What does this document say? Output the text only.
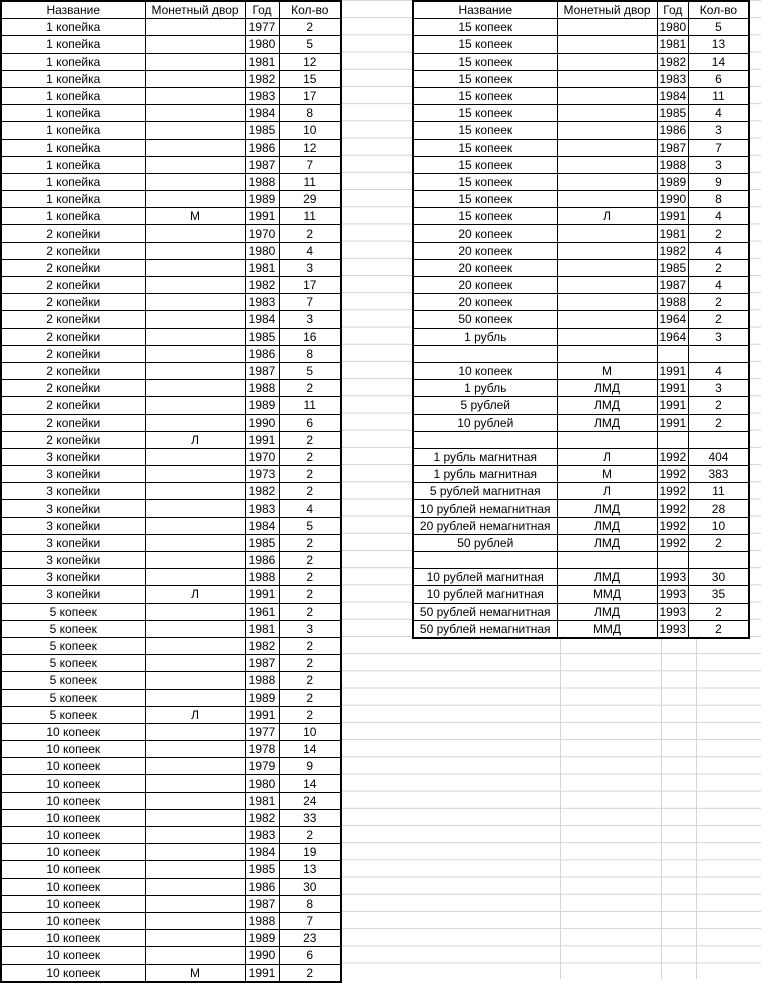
Название	Монетный двор	Год	Кол-во
1 копейка		1977	2
1 копейка		1980	5
1 копейка		1981	12
1 копейка		1982	15
1 копейка		1983	17
1 копейка		1984	8
1 копейка		1985	10
1 копейка		1986	12
1 копейка		1987	7
1 копейка		1988	11
1 копейка		1989	29
1 копейка	М	1991	11
2 копейки		1970	2
2 копейки		1980	4
2 копейки		1981	3
2 копейки		1982	17
2 копейки		1983	7
2 копейки		1984	3
2 копейки		1985	16
2 копейки		1986	8
2 копейки		1987	5
2 копейки		1988	2
2 копейки		1989	11
2 копейки		1990	6
2 копейки	Л	1991	2
3 копейки		1970	2
3 копейки		1973	2
3 копейки		1982	2
3 копейки		1983	4
3 копейки		1984	5
3 копейки		1985	2
3 копейки		1986	2
3 копейки		1988	2
3 копейки	Л	1991	2
5 копеек		1961	2
5 копеек		1981	3
5 копеек		1982	2
5 копеек		1987	2
5 копеек		1988	2
5 копеек		1989	2
5 копеек	Л	1991	2
10 копеек		1977	10
10 копеек		1978	14
10 копеек		1979	9
10 копеек		1980	14
10 копеек		1981	24
10 копеек		1982	33
10 копеек		1983	2
10 копеек		1984	19
10 копеек		1985	13
10 копеек		1986	30
10 копеек		1987	8
10 копеек		1988	7
10 копеек		1989	23
10 копеек		1990	6
10 копеек	М	1991	2
Название	Монетный двор	Год	Кол-во
15 копеек		1980	5
15 копеек		1981	13
15 копеек		1982	14
15 копеек		1983	6
15 копеек		1984	11
15 копеек		1985	4
15 копеек		1986	3
15 копеек		1987	7
15 копеек		1988	3
15 копеек		1989	9
15 копеек		1990	8
15 копеек	Л	1991	4
20 копеек		1981	2
20 копеек		1982	4
20 копеек		1985	2
20 копеек		1987	4
20 копеек		1988	2
50 копеек		1964	2
1 рубль		1964	3

10 копеек	М	1991	4
1 рубль	ЛМД	1991	3
5 рублей	ЛМД	1991	2
10 рублей	ЛМД	1991	2

1 рубль магнитная	Л	1992	404
1 рубль магнитная	М	1992	383
5 рублей магнитная	Л	1992	11
10 рублей немагнитная	ЛМД	1992	28
20 рублей немагнитная	ЛМД	1992	10
50 рублей	ЛМД	1992	2

10 рублей магнитная	ЛМД	1993	30
10 рублей магнитная	ММД	1993	35
50 рублей немагнитная	ЛМД	1993	2
50 рублей немагнитная	ММД	1993	2
